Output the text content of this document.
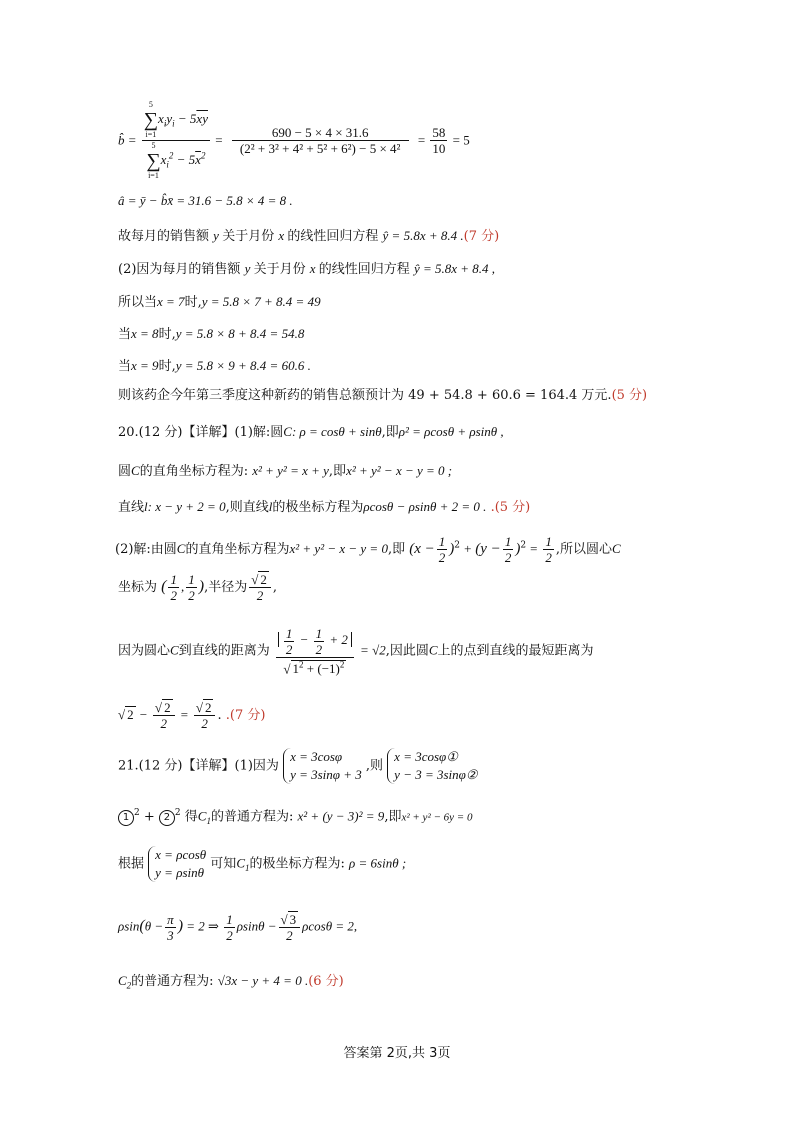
b̂ = 5
∑
i=1
$x_iy_i - 5\overline{xy}$
5
∑
i=1
$x_i^2 - 5\overline{x}^2 = \frac{690 - 5 \times 4 \times 31.6}{\text{(2² + 3² + 4² + 5² + 6²) − 5 × 4²}} = \frac{58}{10} = 5$
â = ȳ − b̂x̄ = 31.6 − 5.8 × 4 = 8 .
故每月的销售额 y 关于月份 x 的线性回归方程 ŷ = 5.8x + 8.4 .(7 分)
(2)因为每月的销售额 y 关于月份 x 的线性回归方程 ŷ = 5.8x + 8.4 ,
所以当x = 7时,y = 5.8 × 7 + 8.4 = 49
当x = 8时,y = 5.8 × 8 + 8.4 = 54.8
当x = 9时,y = 5.8 × 9 + 8.4 = 60.6 .
则该药企今年第三季度这种新药的销售总额预计为 49 + 54.8 + 60.6 = 164.4 万元.(5 分)
20.(12 分)【详解】(1)解:圆C: ρ = cosθ + sinθ,即ρ² = ρcosθ + ρsinθ ,
圆C的直角坐标方程为: x² + y² = x + y,即x² + y² − x − y = 0 ;
直线l: x − y + 2 = 0,则直线l的极坐标方程为ρcosθ − ρsinθ + 2 = 0 . .(5 分)
(2)解:由圆C的直角坐标方程为x² + y² − x − y = 0,即 $(x - \frac{1}{2} )^2 + (y - \frac{1}{2} )^2 = \frac{1}{2}$ ,所以圆心C
坐标为 ( $\frac{1}{2}$ , $\frac{1}{2}$ ),半径为 $\frac{√ 2}{2}$ ,
因为圆心C到直线的距离为 $\frac{\frac{1}{2} - \frac{1}{2} + 2}{√ 1^2 + (-1)^2} = √2$,因此圆C上的点到直线的最短距离为
√ $2 - \frac{√ 2}{2} = \frac{√ 2}{2}$ . .(7 分)
21.(12 分)【详解】(1)因为 x = 3cosφ
y = 3sinφ + 3 ,则 x = 3cosφ①
y − 3 = 3sinφ②
1 $^2$ + 2 $^2$ 得$C_1$的普通方程为: x² + (y − 3)² = 9,即x² + y² − 6y = 0
根据 x = ρcosθ
y = ρsinθ 可知$C_1$的极坐标方程为: ρ = 6sinθ ;
$\rho\sin(\theta - \frac{\pi}{3}$ ) = 2 ⇒ $\frac{1}{2}$ $\rho\sin\theta - \frac{√ 3}{2}$ ρcosθ = 2,
$C_2$的普通方程为: √3x − y + 4 = 0 .(6 分)
答案第 2页,共 3页
